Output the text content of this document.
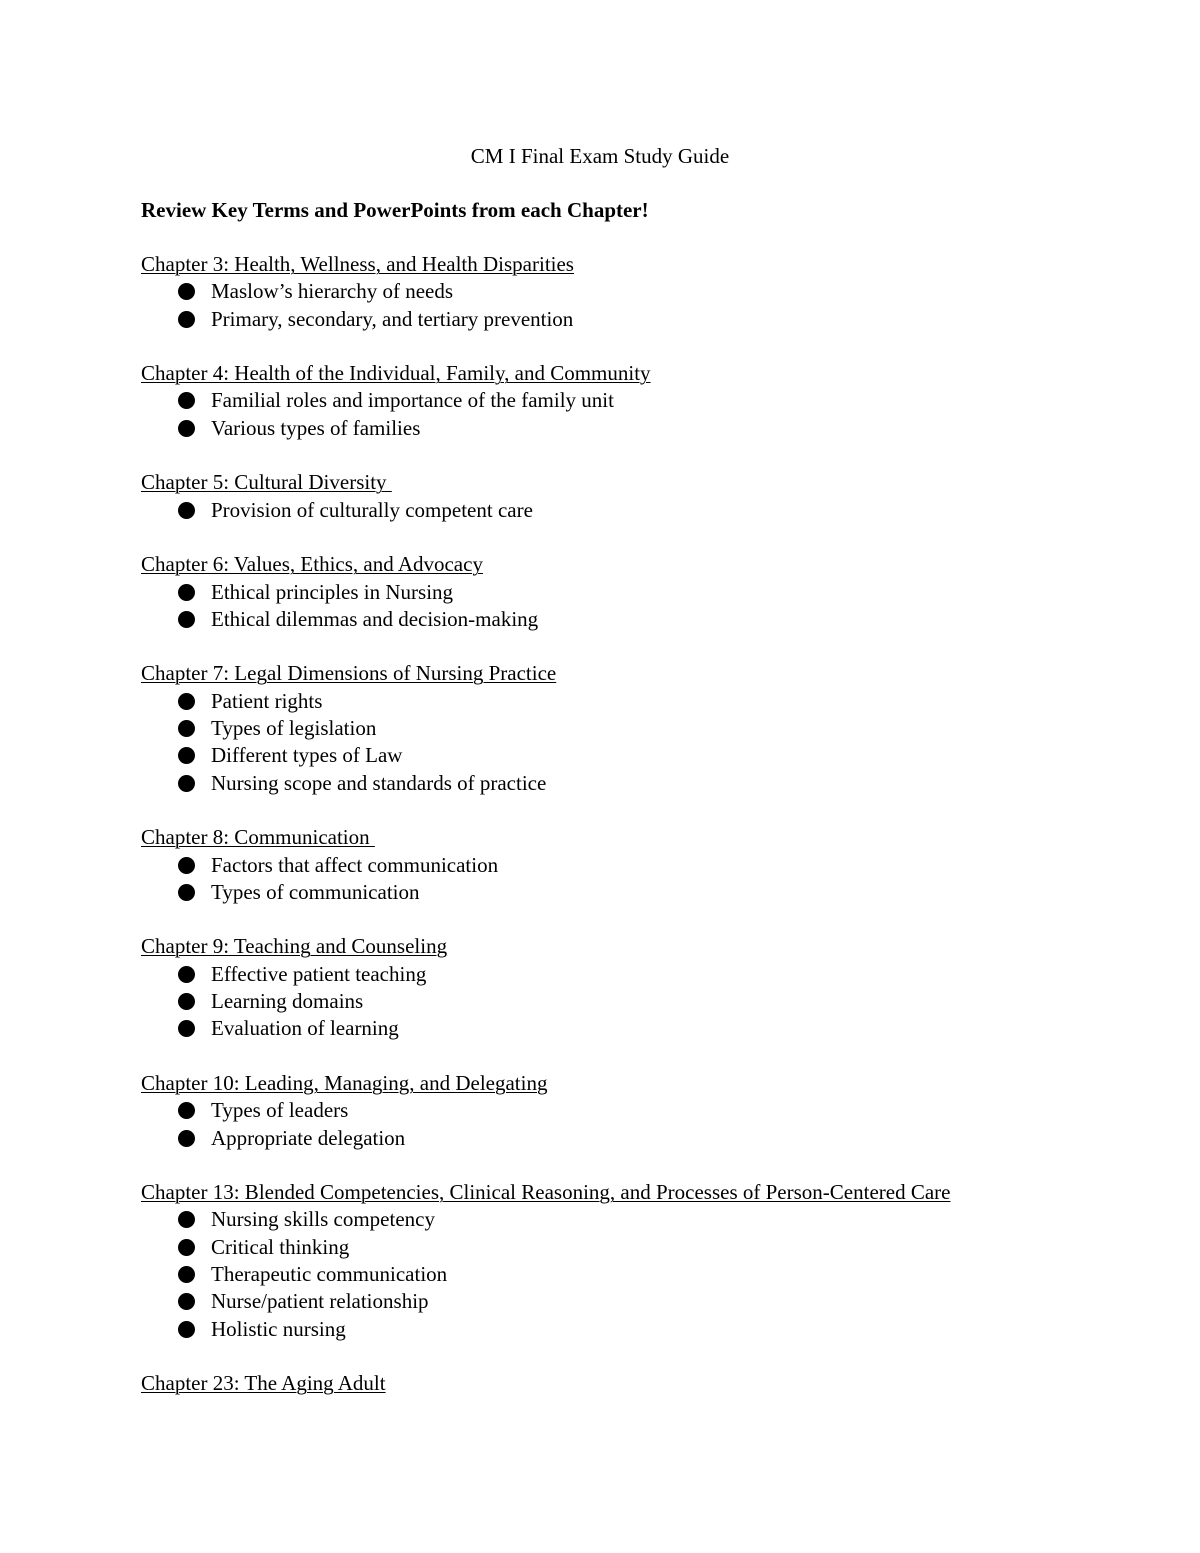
CM I Final Exam Study Guide
Review Key Terms and PowerPoints from each Chapter!
Chapter 3: Health, Wellness, and Health Disparities
Maslow’s hierarchy of needs
Primary, secondary, and tertiary prevention
Chapter 4: Health of the Individual, Family, and Community
Familial roles and importance of the family unit
Various types of families
Chapter 5: Cultural Diversity
Provision of culturally competent care
Chapter 6: Values, Ethics, and Advocacy
Ethical principles in Nursing
Ethical dilemmas and decision-making
Chapter 7: Legal Dimensions of Nursing Practice
Patient rights
Types of legislation
Different types of Law
Nursing scope and standards of practice
Chapter 8: Communication
Factors that affect communication
Types of communication
Chapter 9: Teaching and Counseling
Effective patient teaching
Learning domains
Evaluation of learning
Chapter 10: Leading, Managing, and Delegating
Types of leaders
Appropriate delegation
Chapter 13: Blended Competencies, Clinical Reasoning, and Processes of Person-Centered Care
Nursing skills competency
Critical thinking
Therapeutic communication
Nurse/patient relationship
Holistic nursing
Chapter 23: The Aging Adult
